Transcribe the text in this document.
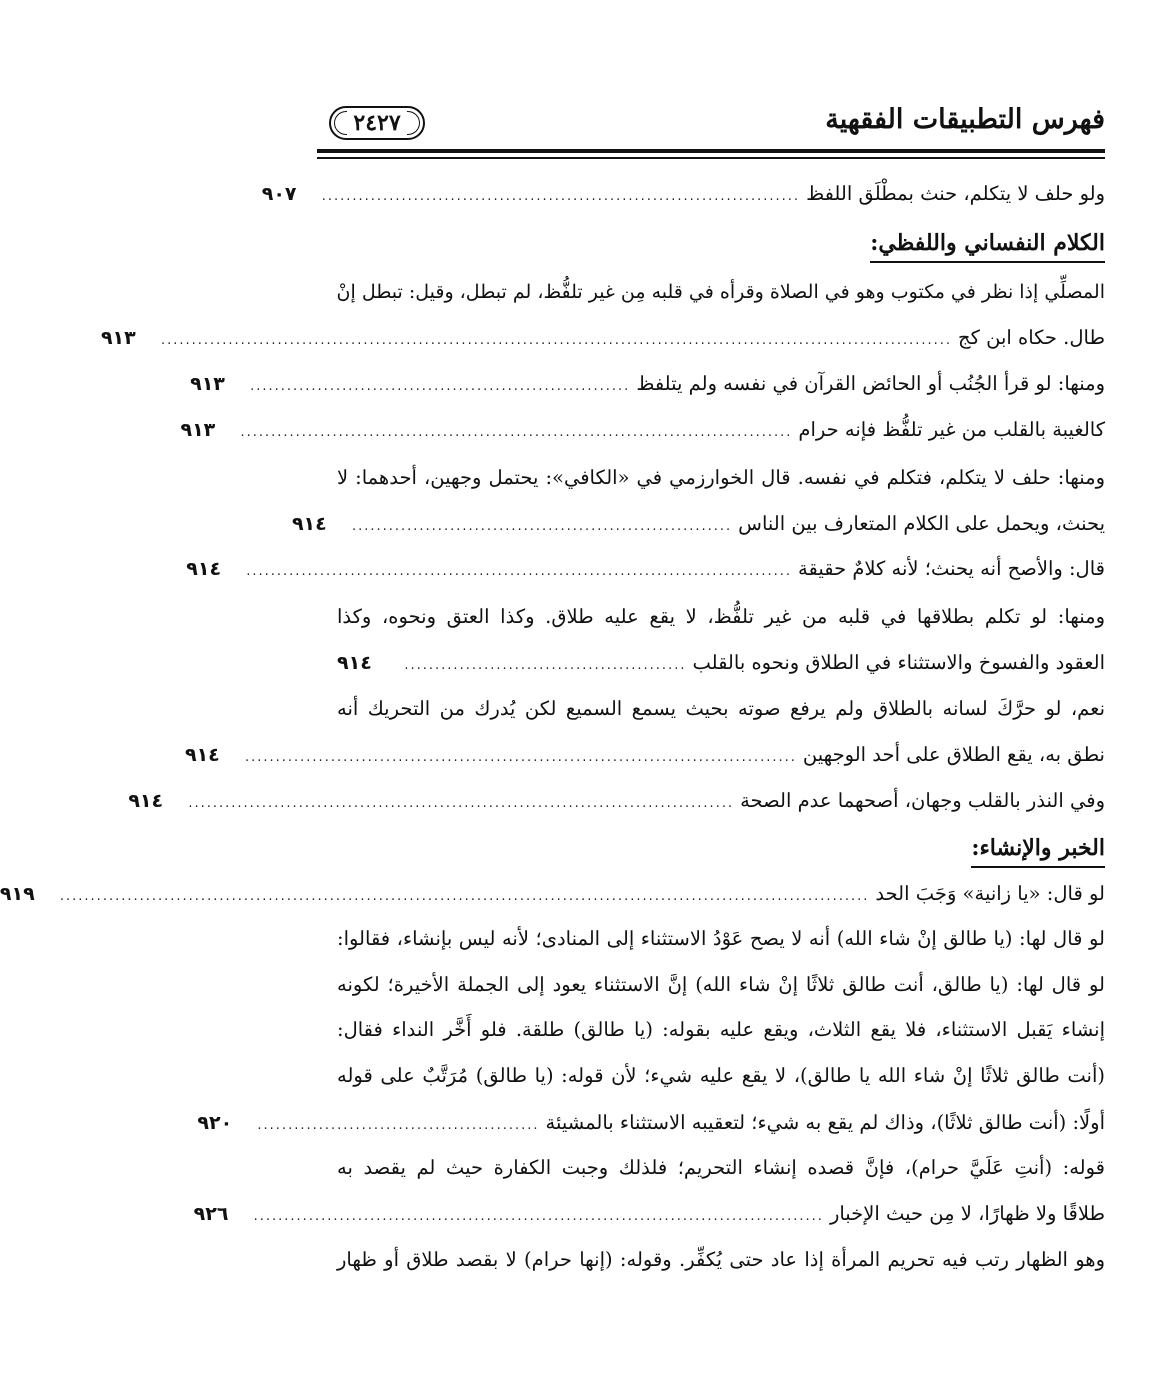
فهرس التطبيقات الفقهية
٢٤٢٧
ولو حلف لا يتكلم، حنث بمطْلَق اللفظ
..............................................................................
٩٠٧
الكلام النفساني واللفظي:
المصلِّي إذا نظر في مكتوب وهو في الصلاة وقرأه في قلبه مِن غير تلفُّظ، لم تبطل، وقيل: تبطل إنْ
طال. حكاه ابن كج
.................................................................................................................................
٩١٣
ومنها: لو قرأ الجُنُب أو الحائض القرآن في نفسه ولم يتلفظ
..............................................................
٩١٣
كالغيبة بالقلب من غير تلفُّظ فإنه حرام
..........................................................................................
٩١٣
ومنها: حلف لا يتكلم، فتكلم في نفسه. قال الخوارزمي في «الكافي»: يحتمل وجهين، أحدهما: لا
يحنث، ويحمل على الكلام المتعارف بين الناس
..............................................................
٩١٤
قال: والأصح أنه يحنث؛ لأنه كلامٌ حقيقة
.........................................................................................
٩١٤
ومنها: لو تكلم بطلاقها في قلبه من غير تلفُّظ، لا يقع عليه طلاق. وكذا العتق ونحوه، وكذا
العقود والفسوخ والاستثناء في الطلاق ونحوه بالقلب
..............................................
٩١٤
نعم، لو حرَّكَ لسانه بالطلاق ولم يرفع صوته بحيث يسمع السميع لكن يُدرك من التحريك أنه
نطق به، يقع الطلاق على أحد الوجهين
..........................................................................................
٩١٤
وفي النذر بالقلب وجهان، أصحهما عدم الصحة
.........................................................................................
٩١٤
الخبر والإنشاء:
لو قال: «يا زانية» وَجَبَ الحد
....................................................................................................................................
٩١٩
لو قال لها: (يا طالق إنْ شاء الله) أنه لا يصح عَوْدُ الاستثناء إلى المنادى؛ لأنه ليس بإنشاء، فقالوا:
لو قال لها: (يا طالق، أنت طالق ثلاثًا إنْ شاء الله) إنَّ الاستثناء يعود إلى الجملة الأخيرة؛ لكونه
إنشاء يَقبل الاستثناء، فلا يقع الثلاث، ويقع عليه بقوله: (يا طالق) طلقة. فلو أَخَّر النداء فقال:
(أنت طالق ثلاثًا إنْ شاء الله يا طالق)، لا يقع عليه شيء؛ لأن قوله: (يا طالق) مُرَتَّبٌ على قوله
أولًا: (أنت طالق ثلاثًا)، وذاك لم يقع به شيء؛ لتعقيبه الاستثناء بالمشيئة
..............................................
٩٢٠
قوله: (أنتِ عَلَيَّ حرام)، فإنَّ قصده إنشاء التحريم؛ فلذلك وجبت الكفارة حيث لم يقصد به
طلاقًا ولا ظهارًا، لا مِن حيث الإخبار
.............................................................................................
٩٢٦
وهو الظهار رتب فيه تحريم المرأة إذا عاد حتى يُكفِّر. وقوله: (إنها حرام) لا بقصد طلاق أو ظهار
